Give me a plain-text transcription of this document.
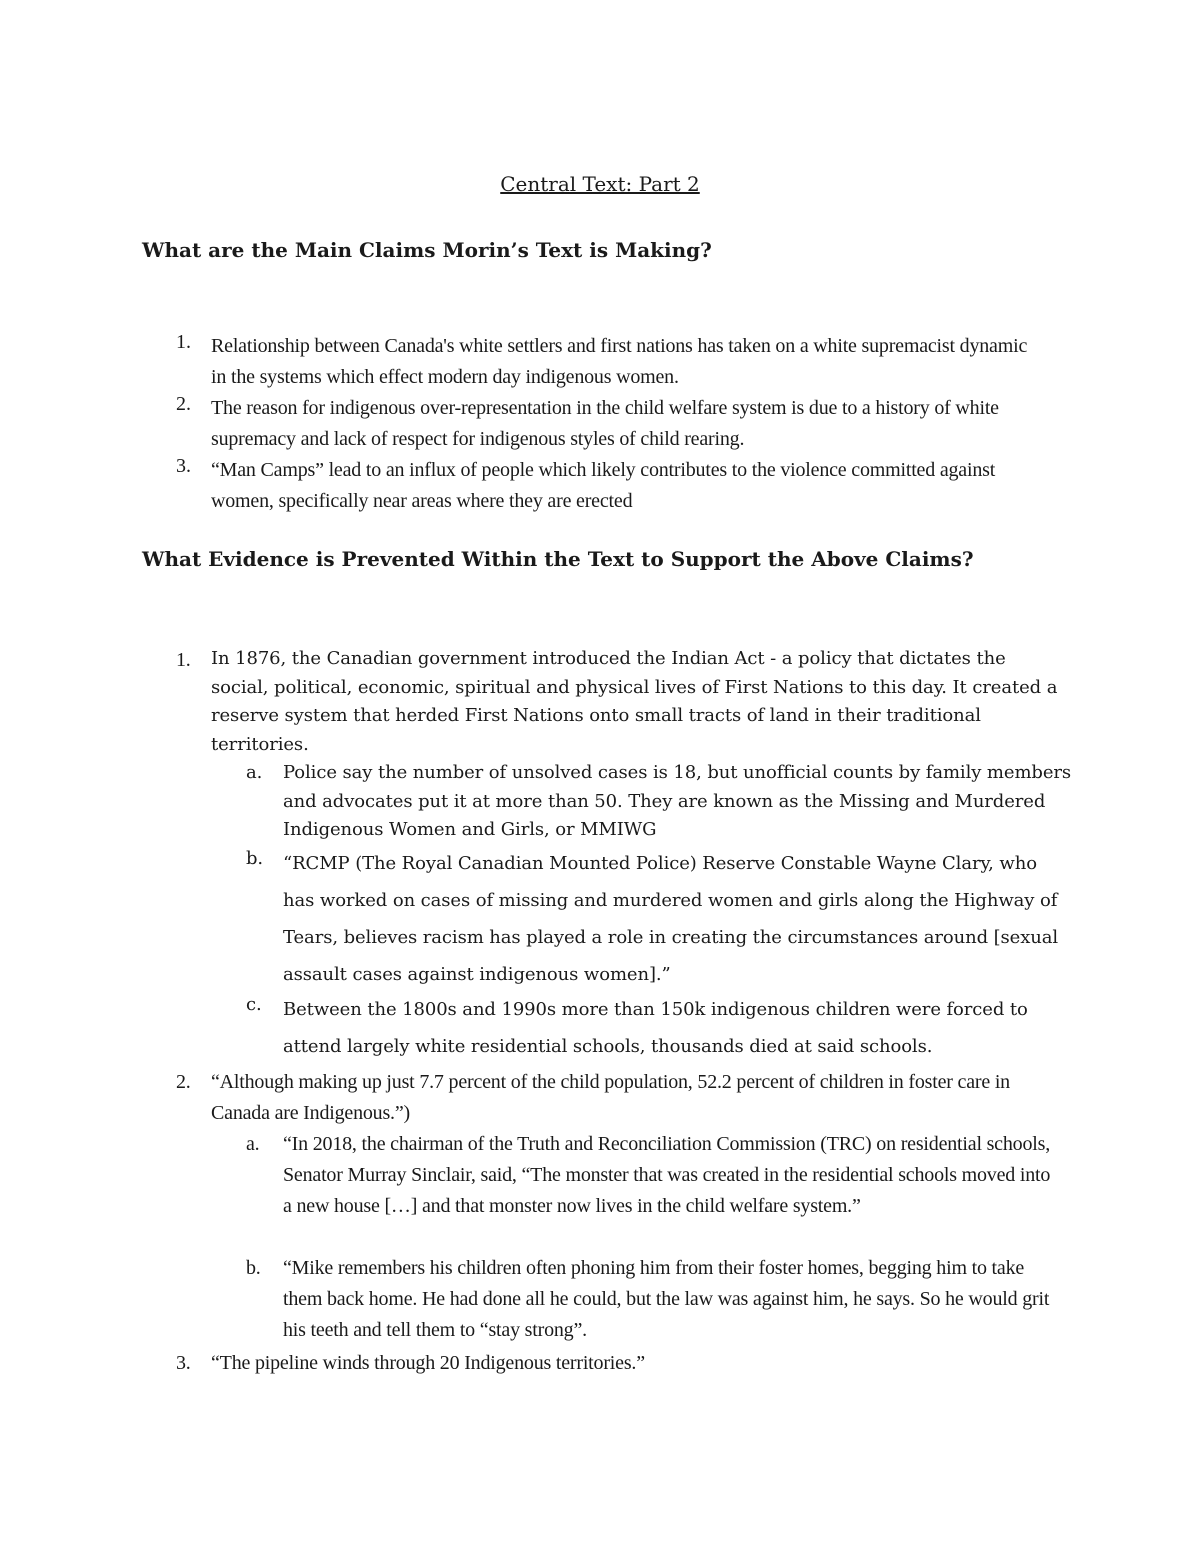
Central Text: Part 2
What are the Main Claims Morin’s Text is Making?
1. Relationship between Canada's white settlers and first nations has taken on a white supremacist dynamic in the systems which effect modern day indigenous women.

2. The reason for indigenous over-representation in the child welfare system is due to a history of white supremacy and lack of respect for indigenous styles of child rearing.

3. “Man Camps” lead to an influx of people which likely contributes to the violence committed against women, specifically near areas where they are erected

What Evidence is Prevented Within the Text to Support the Above Claims?
1. In 1876, the Canadian government introduced the Indian Act - a policy that dictates the social, political, economic, spiritual and physical lives of First Nations to this day. It created a reserve system that herded First Nations onto small tracts of land in their traditional territories.

a. Police say the number of unsolved cases is 18, but unofficial counts by family members and advocates put it at more than 50. They are known as the Missing and Murdered Indigenous Women and Girls, or MMIWG

b. “RCMP (The Royal Canadian Mounted Police) Reserve Constable Wayne Clary, who has worked on cases of missing and murdered women and girls along the Highway of Tears, believes racism has played a role in creating the circumstances around [sexual assault cases against indigenous women].”

c. Between the 1800s and 1990s more than 150k indigenous children were forced to attend largely white residential schools, thousands died at said schools.

2. “Although making up just 7.7 percent of the child population, 52.2 percent of children in foster care in Canada are Indigenous.”)

a. “In 2018, the chairman of the Truth and Reconciliation Commission (TRC) on residential schools, Senator Murray Sinclair, said, “The monster that was created in the residential schools moved into a new house […] and that monster now lives in the child welfare system.”

b. “Mike remembers his children often phoning him from their foster homes, begging him to take them back home. He had done all he could, but the law was against him, he says. So he would grit his teeth and tell them to “stay strong”.

3. “The pipeline winds through 20 Indigenous territories.”
